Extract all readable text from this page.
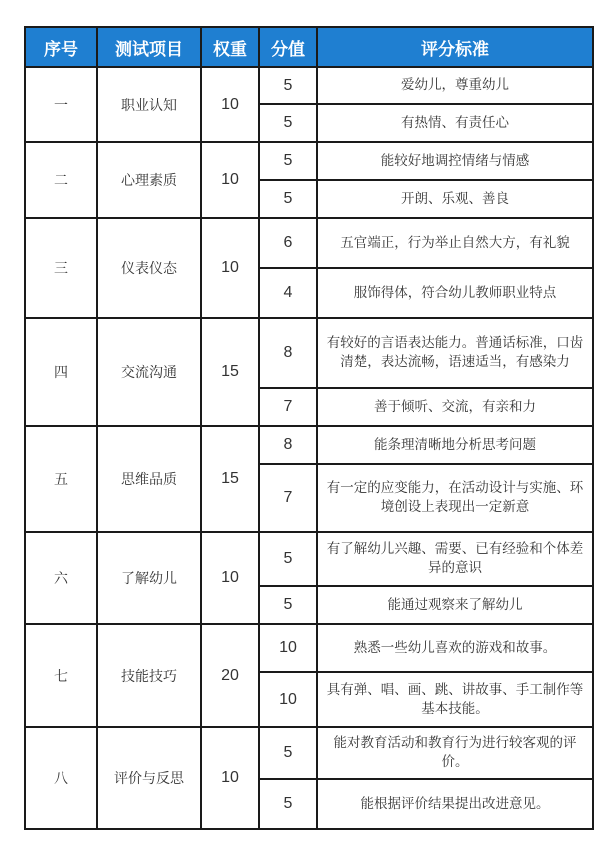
序号	测试项目	权重	分值	评分标准
一	职业认知	10	5	爱幼儿，尊重幼儿
			5	有热情、有责任心
二	心理素质	10	5	能较好地调控情绪与情感
			5	开朗、乐观、善良
三	仪表仪态	10	6	五官端正，行为举止自然大方，有礼貌
			4	服饰得体，符合幼儿教师职业特点
四	交流沟通	15	8	有较好的言语表达能力。普通话标准，口齿清楚，表达流畅，语速适当，有感染力
			7	善于倾听、交流，有亲和力
五	思维品质	15	8	能条理清晰地分析思考问题
			7	有一定的应变能力，在活动设计与实施、环境创设上表现出一定新意
六	了解幼儿	10	5	有了解幼儿兴趣、需要、已有经验和个体差异的意识
			5	能通过观察来了解幼儿
七	技能技巧	20	10	熟悉一些幼儿喜欢的游戏和故事。
			10	具有弹、唱、画、跳、讲故事、手工制作等基本技能。
八	评价与反思	10	5	能对教育活动和教育行为进行较客观的评价。
			5	能根据评价结果提出改进意见。
